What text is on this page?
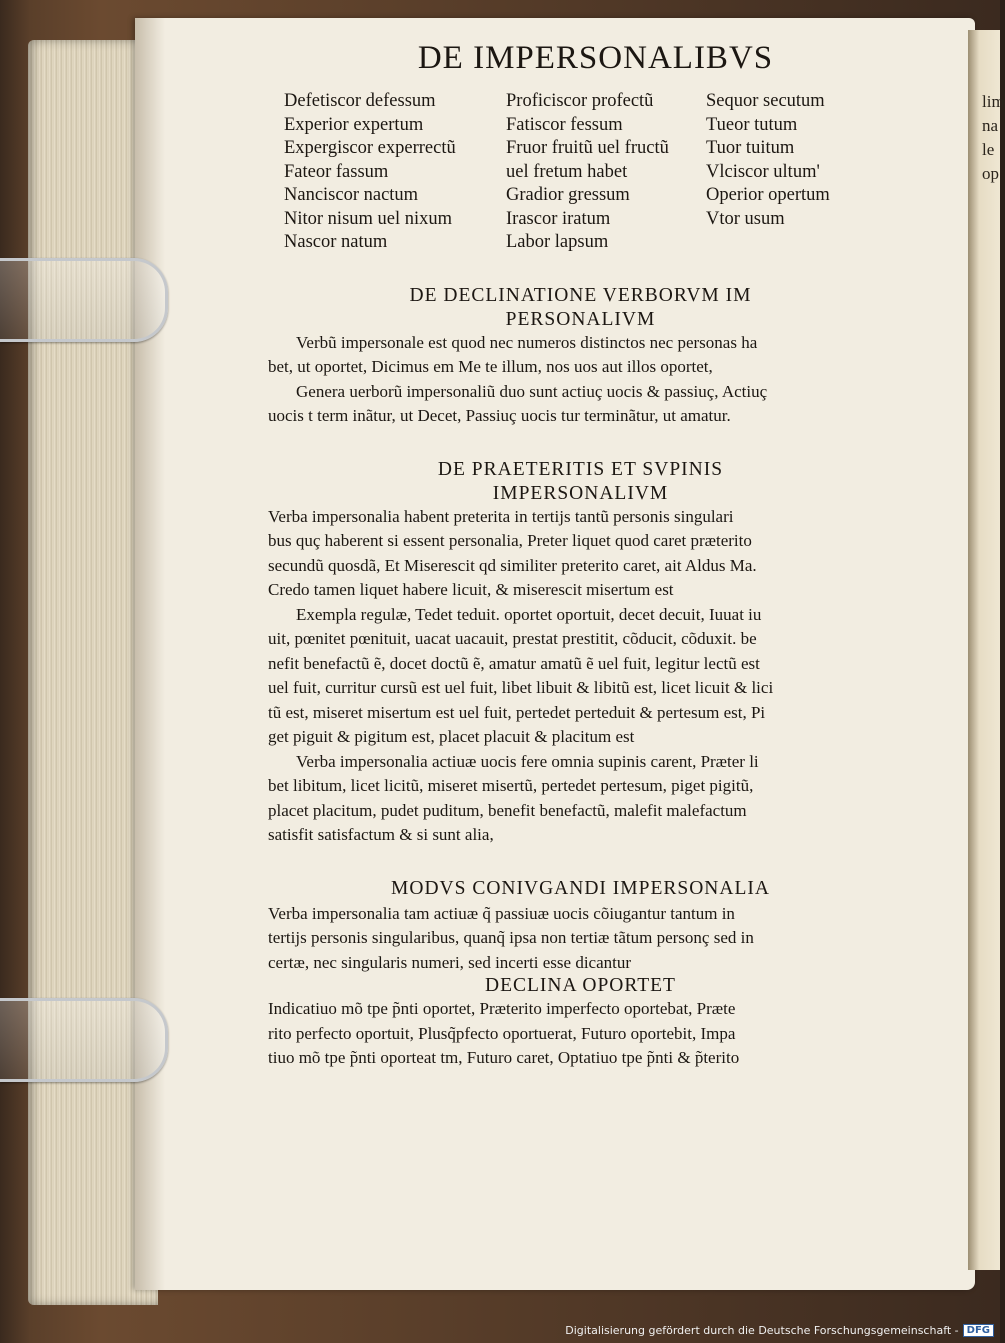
lim na le op
DE IMPERSONALIBVS
Defetiscor defessum
Experior expertum
Expergiscor experrectũ
Fateor fassum
Nanciscor nactum
Nitor nisum uel nixum
Nascor natum
Proficiscor profectũ
Fatiscor fessum
Fruor fruitũ uel fructũ
uel fretum habet
Gradior gressum
Irascor iratum
Labor lapsum
Sequor secutum
Tueor tutum
Tuor tuitum
Vlciscor ultum'
Operior opertum
Vtor usum
DE DECLINATIONE VERBORVM IM
PERSONALIVM

Verbũ impersonale est quod nec numeros distinctos nec personas ha
bet, ut oportet, Dicimus em Me te illum, nos uos aut illos oportet,

Genera uerborũ impersonaliũ duo sunt actiuç uocis & passiuç, Actiuç
uocis t term inãtur, ut Decet, Passiuç uocis tur terminãtur, ut amatur.

DE PRAETERITIS ET SVPINIS
IMPERSONALIVM

Verba impersonalia habent preterita in tertijs tantũ personis singulari
bus quç haberent si essent personalia, Preter liquet quod caret præterito
secundũ quosdã, Et Miserescit qd similiter preterito caret, ait Aldus Ma.
Credo tamen liquet habere licuit, & miserescit misertum est

Exempla regulæ, Tedet teduit. oportet oportuit, decet decuit, Iuuat iu
uit, pœnitet pœnituit, uacat uacauit, prestat prestitit, cõducit, cõduxit. be
nefit benefactũ ẽ, docet doctũ ẽ, amatur amatũ ẽ uel fuit, legitur lectũ est
uel fuit, curritur cursũ est uel fuit, libet libuit & libitũ est, licet licuit & lici
tũ est, miseret misertum est uel fuit, pertedet perteduit & pertesum est, Pi
get piguit & pigitum est, placet placuit & placitum est

Verba impersonalia actiuæ uocis fere omnia supinis carent, Præter li
bet libitum, licet licitũ, miseret misertũ, pertedet pertesum, piget pigitũ,
placet placitum, pudet puditum, benefit benefactũ, malefit malefactum
satisfit satisfactum & si sunt alia,

MODVS CONIVGANDI IMPERSONALIA

Verba impersonalia tam actiuæ q̃ passiuæ uocis cõiugantur tantum in
tertijs personis singularibus, quanq̃ ipsa non tertiæ tãtum personç sed in
certæ, nec singularis numeri, sed incerti esse dicantur

DECLINA OPORTET

Indicatiuo mõ tpe p̃nti oportet, Præterito imperfecto oportebat, Præte
rito perfecto oportuit, Plusq̃pfecto oportuerat, Futuro oportebit, Impa
tiuo mõ tpe p̃nti oporteat tm, Futuro caret, Optatiuo tpe p̃nti & p̃terito

Digitalisierung gefördert durch die Deutsche Forschungsgemeinschaft - DFG
